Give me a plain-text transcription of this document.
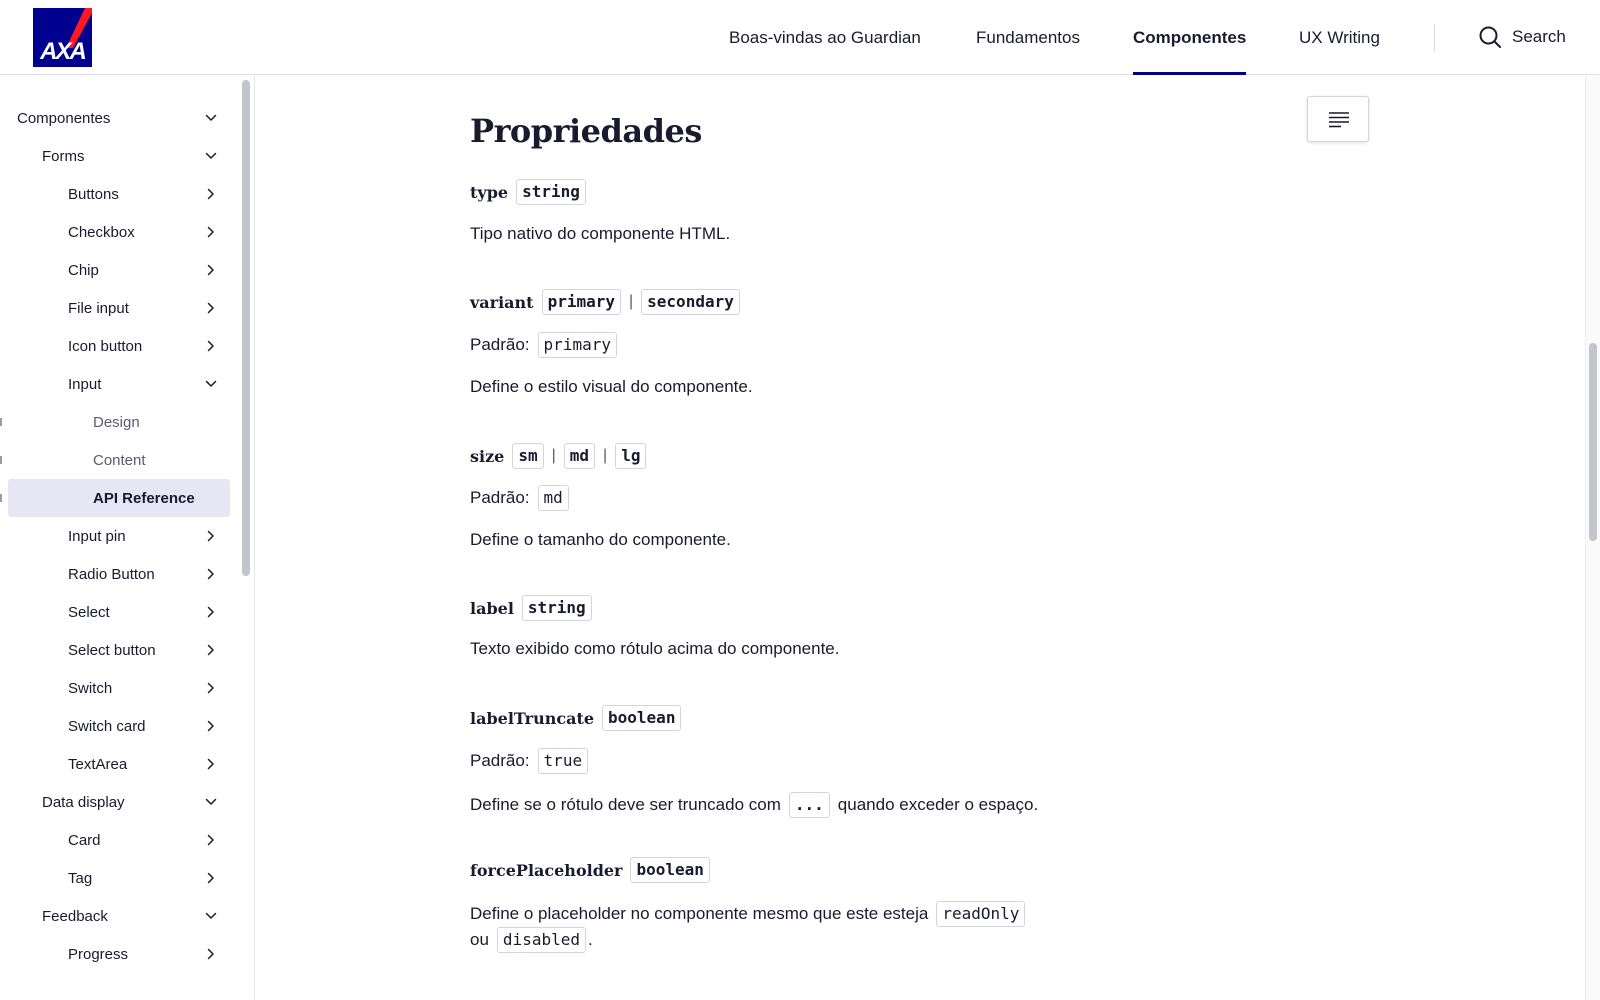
AXA
Boas-vindas ao Guardian	Fundamentos	Componentes	UX Writing	Search
Componentes
Forms
Buttons
Checkbox
Chip
File input
Icon button
Input
Design
Content
API Reference
Input pin
Radio Button
Select
Select button
Switch
Switch card
TextArea
Data display
Card
Tag
Feedback
Progress
Propriedades
type string
Tipo nativo do componente HTML.
variant primary | secondary
Padrão: primary
Define o estilo visual do componente.
size sm | md | lg
Padrão: md
Define o tamanho do componente.
label string
Texto exibido como rótulo acima do componente.
labelTruncate boolean
Padrão: true
Define se o rótulo deve ser truncado com ... quando exceder o espaço.
forcePlaceholder boolean
Define o placeholder no componente mesmo que este esteja readOnly
ou disabled .
